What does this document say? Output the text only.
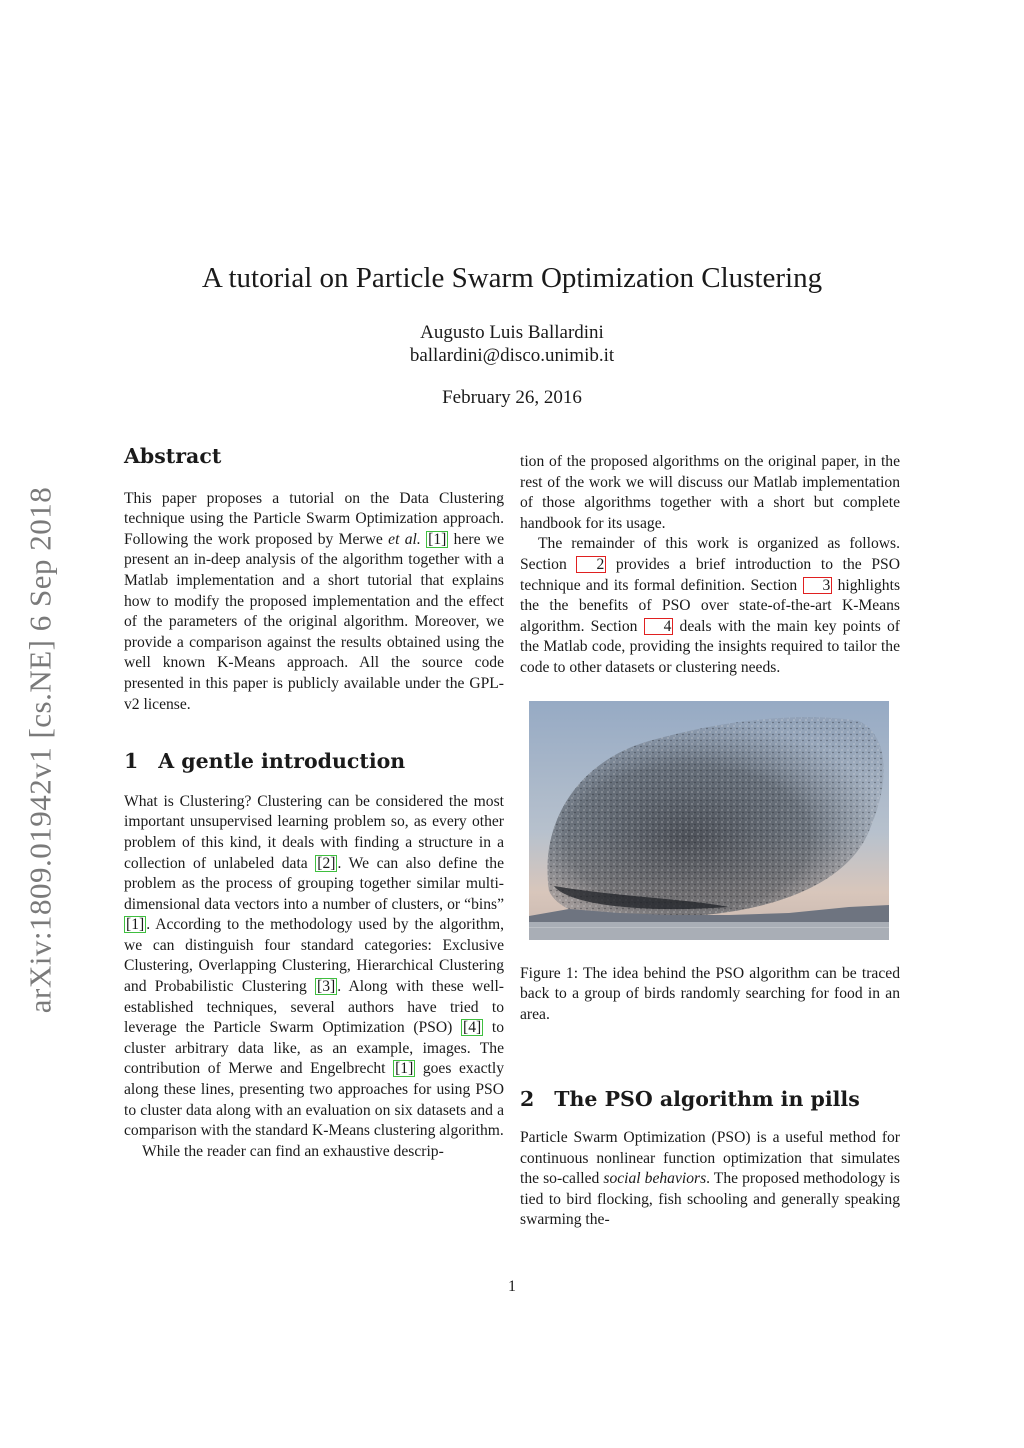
arXiv:1809.01942v1 [cs.NE] 6 Sep 2018
A tutorial on Particle Swarm Optimization Clustering
Augusto Luis Ballardini
ballardini@disco.unimib.it
February 26, 2016
Abstract

This paper proposes a tutorial on the Data Clustering technique using the Particle Swarm Optimization approach. Following the work proposed by Merwe et al. [1] here we present an in-deep analysis of the algorithm together with a Matlab implementation and a short tutorial that explains how to modify the proposed implementation and the effect of the parameters of the original algorithm. Moreover, we provide a comparison against the results obtained using the well known K-Means approach. All the source code presented in this paper is publicly available under the GPL-v2 license.

1 A gentle introduction

What is Clustering? Clustering can be considered the most important unsupervised learning problem so, as every other problem of this kind, it deals with finding a structure in a collection of unlabeled data [2] . We can also define the problem as the process of grouping together similar multi-dimensional data vectors into a number of clusters, or “bins” [1] . According to the methodology used by the algorithm, we can distinguish four standard categories: Exclusive Clustering, Overlapping Clustering, Hierarchical Clustering and Probabilistic Clustering [3] . Along with these well-established techniques, several authors have tried to leverage the Particle Swarm Optimization (PSO) [4] to cluster arbitrary data like, as an example, images. The contribution of Merwe and Engelbrecht [1] goes exactly along these lines, presenting two approaches for using PSO to cluster data along with an evaluation on six datasets and a comparison with the standard K-Means clustering algorithm.

While the reader can find an exhaustive descrip-

tion of the proposed algorithms on the original paper, in the rest of the work we will discuss our Matlab implementation of those algorithms together with a short but complete handbook for its usage.

The remainder of this work is organized as follows. Section 2 provides a brief introduction to the PSO technique and its formal definition. Section 3 highlights the the benefits of PSO over state-of-the-art K-Means algorithm. Section 4 deals with the main key points of the Matlab code, providing the insights required to tailor the code to other datasets or clustering needs.

Figure 1: The idea behind the PSO algorithm can be traced back to a group of birds randomly searching for food in an area.

2 The PSO algorithm in pills

Particle Swarm Optimization (PSO) is a useful method for continuous nonlinear function optimization that simulates the so-called social behaviors. The proposed methodology is tied to bird flocking, fish schooling and generally speaking swarming the-

1
